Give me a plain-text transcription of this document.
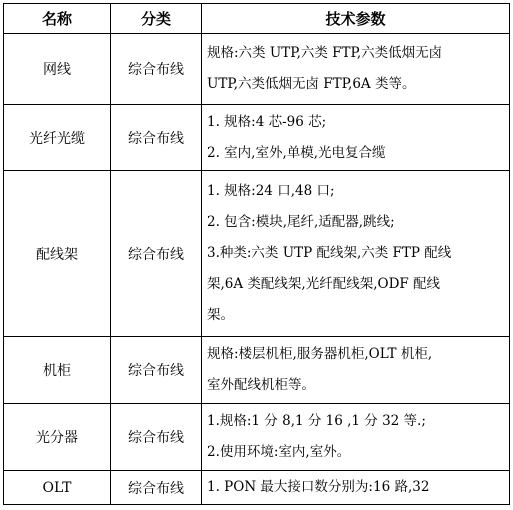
名称	分类	技术参数
网线	综合布线	规格:六类 UTP,六类 FTP,六类低烟无卤
UTP,六类低烟无卤 FTP,6A 类等。

光纤光缆	综合布线	1. 规格:4 芯-96 芯;
2. 室内,室外,单模,光电复合缆

配线架	综合布线	1. 规格:24 口,48 口;
2. 包含:模块,尾纤,适配器,跳线;
3.种类:六类 UTP 配线架,六类 FTP 配线
架,6A 类配线架,光纤配线架,ODF 配线
架。

机柜	综合布线	规格:楼层机柜,服务器机柜,OLT 机柜,
室外配线机柜等。

光分器	综合布线	1.规格:1 分 8,1 分 16 ,1 分 32 等.;
2.使用环境:室内,室外。

OLT	综合布线	1. PON 最大接口数分别为:16 路,32
